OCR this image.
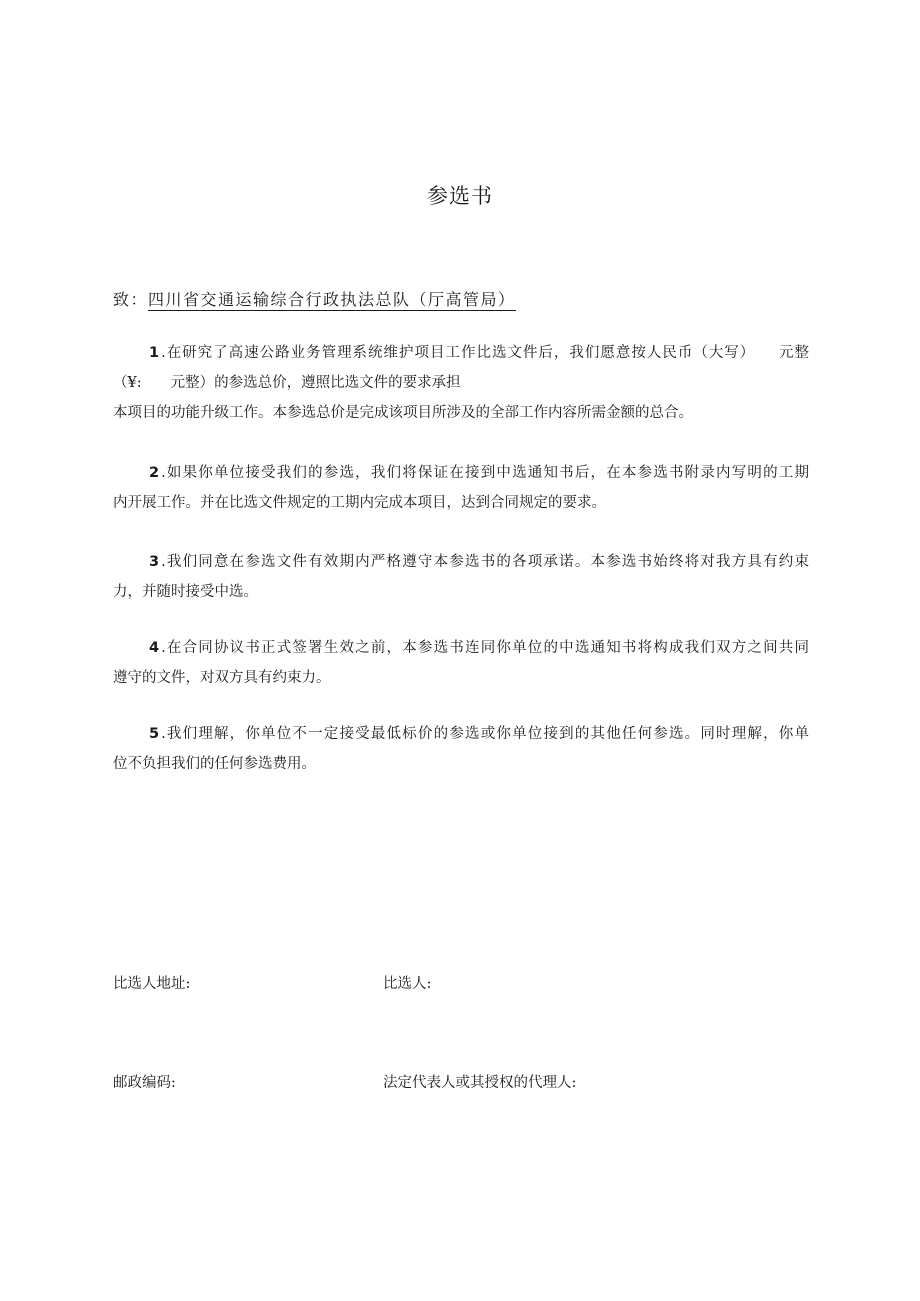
参选书
致：四川省交通运输综合行政执法总队（厅高管局）
1 .在研究了高速公路业务管理系统维护项目工作比选文件后，我们愿意按人民币（大写）　　元整
（¥:　　元整）的参选总价，遵照比选文件的要求承担
本项目的功能升级工作。本参选总价是完成该项目所涉及的全部工作内容所需金额的总合。
2 .如果你单位接受我们的参选，我们将保证在接到中选通知书后，在本参选书附录内写明的工期
内开展工作。并在比选文件规定的工期内完成本项目，达到合同规定的要求。
3 .我们同意在参选文件有效期内严格遵守本参选书的各项承诺。本参选书始终将对我方具有约束
力，并随时接受中选。
4 .在合同协议书正式签署生效之前，本参选书连同你单位的中选通知书将构成我们双方之间共同
遵守的文件，对双方具有约束力。
5 .我们理解，你单位不一定接受最低标价的参选或你单位接到的其他任何参选。同时理解，你单
位不负担我们的任何参选费用。
比选人地址:	比选人:
邮政编码:	法定代表人或其授权的代理人:
